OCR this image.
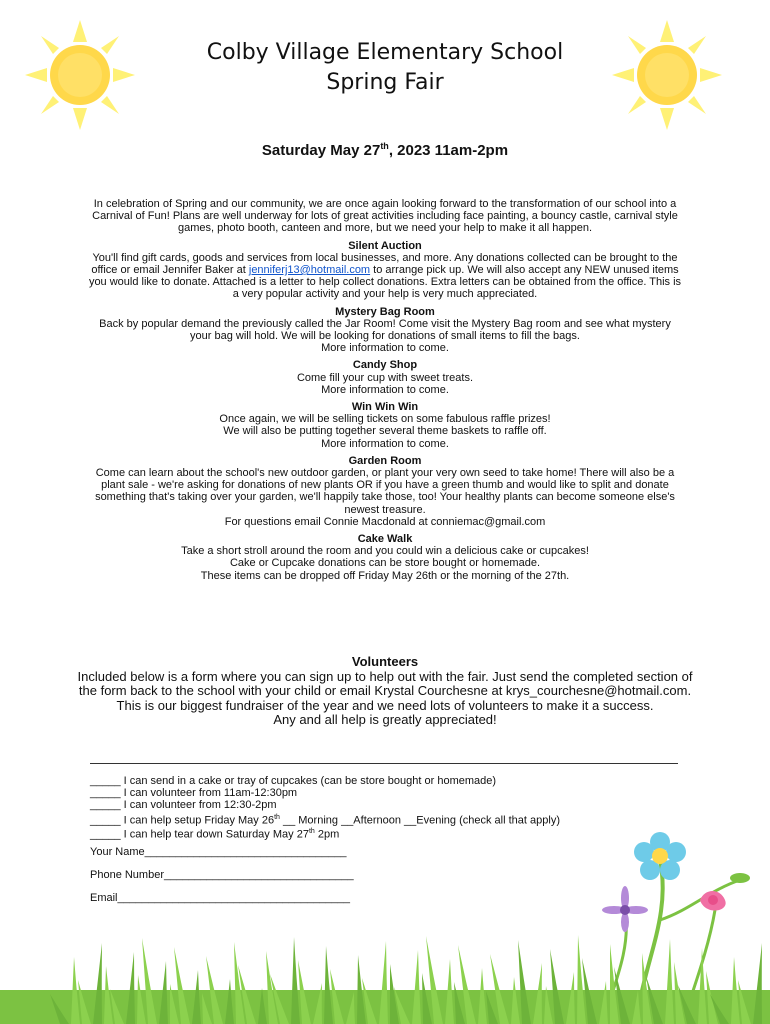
Colby Village Elementary School
Spring Fair
Saturday May 27th, 2023 11am-2pm

In celebration of Spring and our community, we are once again looking forward to the transformation of our school into a Carnival of Fun! Plans are well underway for lots of great activities including face painting, a bouncy castle, carnival style games, photo booth, canteen and more, but we need your help to make it all happen.

Silent Auction

You'll find gift cards, goods and services from local businesses, and more. Any donations collected can be brought to the office or email Jennifer Baker at jenniferj13@hotmail.com to arrange pick up. We will also accept any NEW unused items you would like to donate. Attached is a letter to help collect donations. Extra letters can be obtained from the office. This is a very popular activity and your help is very much appreciated.

Mystery Bag Room

Back by popular demand the previously called the Jar Room! Come visit the Mystery Bag room and see what mystery your bag will hold. We will be looking for donations of small items to fill the bags.

More information to come.

Candy Shop

Come fill your cup with sweet treats.

More information to come.

Win Win Win

Once again, we will be selling tickets on some fabulous raffle prizes!

We will also be putting together several theme baskets to raffle off.

More information to come.

Garden Room

Come can learn about the school's new outdoor garden, or plant your very own seed to take home! There will also be a plant sale - we're asking for donations of new plants OR if you have a green thumb and would like to split and donate something that's taking over your garden, we'll happily take those, too! Your healthy plants can become someone else's newest treasure.

For questions email Connie Macdonald at conniemac@gmail.com

Cake Walk

Take a short stroll around the room and you could win a delicious cake or cupcakes!

Cake or Cupcake donations can be store bought or homemade.

These items can be dropped off Friday May 26th or the morning of the 27th.

Volunteers
Included below is a form where you can sign up to help out with the fair. Just send the completed section of the form back to the school with your child or email Krystal Courchesne at krys_courchesne@hotmail.com. This is our biggest fundraiser of the year and we need lots of volunteers to make it a success.
Any and all help is greatly appreciated!
_____ I can send in a cake or tray of cupcakes (can be store bought or homemade)
_____ I can volunteer from 11am-12:30pm
_____ I can volunteer from 12:30-2pm
_____ I can help setup Friday May 26th __ Morning __Afternoon __Evening (check all that apply)
_____ I can help tear down Saturday May 27th 2pm
Your Name_________________________________
Phone Number_______________________________
Email______________________________________
